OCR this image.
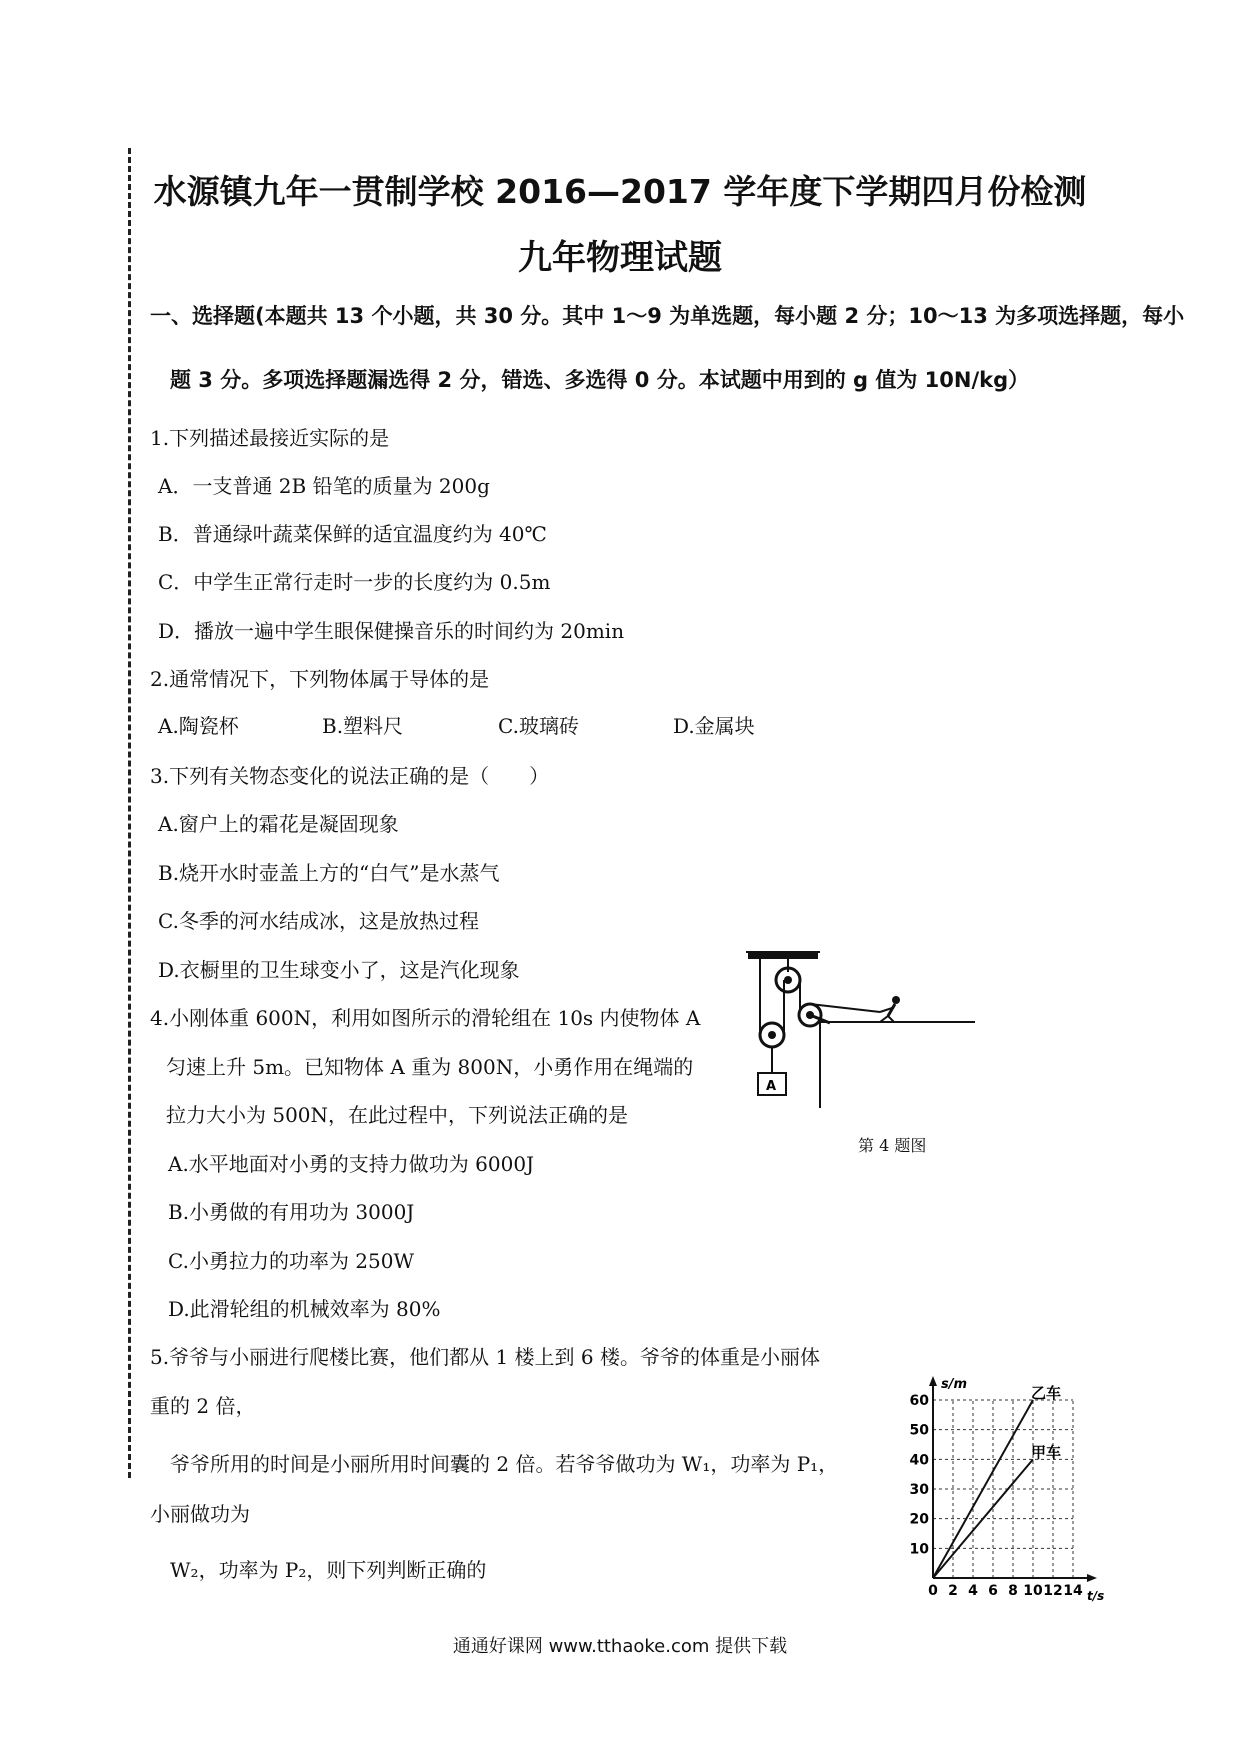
水源镇九年一贯制学校 2016—2017 学年度下学期四月份检测
九年物理试题
一、选择题(本题共 13 个小题，共 30 分。其中 1～9 为单选题，每小题 2 分；10～13 为多项选择题，每小
题 3 分。多项选择题漏选得 2 分，错选、多选得 0 分。本试题中用到的 g 值为 10N/kg）
1.下列描述最接近实际的是
A．一支普通 2B 铅笔的质量为 200g
B．普通绿叶蔬菜保鲜的适宜温度约为 40℃
C．中学生正常行走时一步的长度约为 0.5m
D．播放一遍中学生眼保健操音乐的时间约为 20min
2.通常情况下，下列物体属于导体的是
A.陶瓷杯	B.塑料尺	C.玻璃砖	D.金属块
3.下列有关物态变化的说法正确的是（　　）
A.窗户上的霜花是凝固现象
B.烧开水时壶盖上方的“白气”是水蒸气
C.冬季的河水结成冰，这是放热过程
D.衣橱里的卫生球变小了，这是汽化现象
4.小刚体重 600N，利用如图所示的滑轮组在 10s 内使物体 A
匀速上升 5m。已知物体 A 重为 800N，小勇作用在绳端的
拉力大小为 500N，在此过程中，下列说法正确的是
A.水平地面对小勇的支持力做功为 6000J
B.小勇做的有用功为 3000J
C.小勇拉力的功率为 250W
D.此滑轮组的机械效率为 80%
A
第 4 题图
5.爷爷与小丽进行爬楼比赛，他们都从 1 楼上到 6 楼。爷爷的体重是小丽体
重的 2 倍，
爷爷所用的时间是小丽所用时间囊的 2 倍。若爷爷做功为 W₁，功率为 P₁，
小丽做功为
W₂，功率为 P₂，则下列判断正确的
0 2 4 6 8 10 12 14
10
20
30
40
50
60	乙车
甲车
s/m
t/s
通通好课网 www.tthaoke.com 提供下载
